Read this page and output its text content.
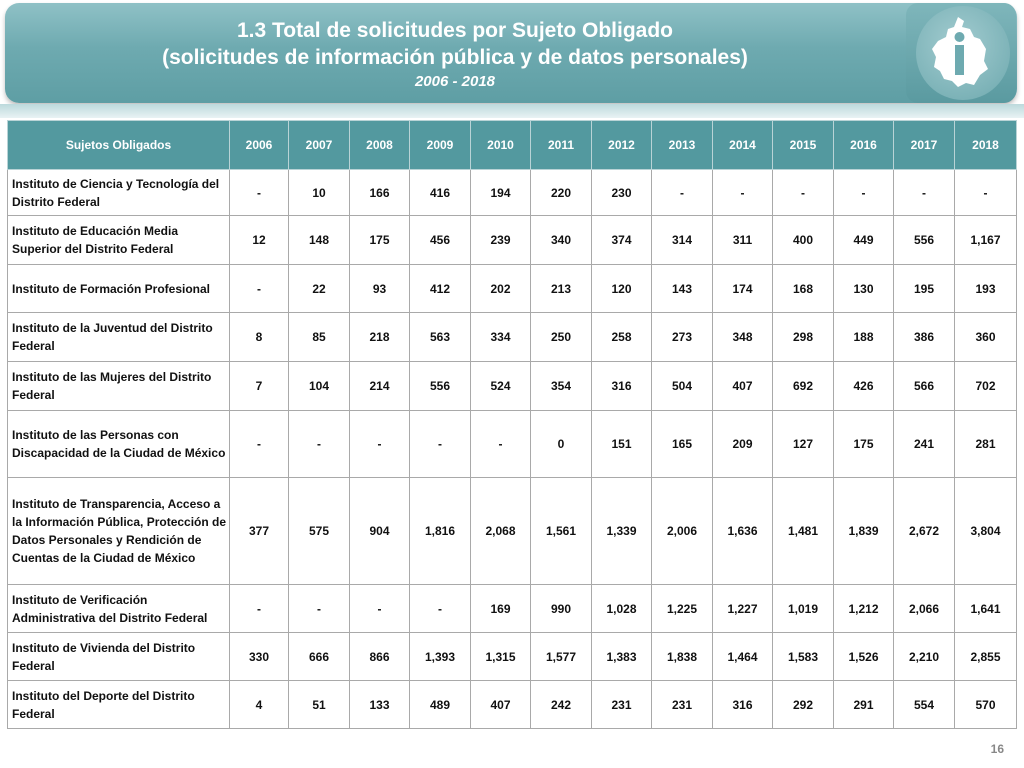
1.3 Total de solicitudes por Sujeto Obligado
(solicitudes de información pública y de datos personales)
2006 - 2018
Sujetos Obligados	2006	2007	2008	2009	2010	2011	2012	2013	2014	2015	2016	2017	2018
Instituto de Ciencia y Tecnología del Distrito Federal	-	10	166	416	194	220	230	-	-	-	-	-	-
Instituto de Educación Media Superior del Distrito Federal	12	148	175	456	239	340	374	314	311	400	449	556	1,167
Instituto de Formación Profesional	-	22	93	412	202	213	120	143	174	168	130	195	193
Instituto de la Juventud del Distrito Federal	8	85	218	563	334	250	258	273	348	298	188	386	360
Instituto de las Mujeres del Distrito Federal	7	104	214	556	524	354	316	504	407	692	426	566	702
Instituto de las Personas con Discapacidad de la Ciudad de México	-	-	-	-	-	0	151	165	209	127	175	241	281
Instituto de Transparencia, Acceso a la Información Pública, Protección de Datos Personales y Rendición de Cuentas de la Ciudad de México	377	575	904	1,816	2,068	1,561	1,339	2,006	1,636	1,481	1,839	2,672	3,804
Instituto de Verificación Administrativa del Distrito Federal	-	-	-	-	169	990	1,028	1,225	1,227	1,019	1,212	2,066	1,641
Instituto de Vivienda del Distrito Federal	330	666	866	1,393	1,315	1,577	1,383	1,838	1,464	1,583	1,526	2,210	2,855
Instituto del Deporte del Distrito Federal	4	51	133	489	407	242	231	231	316	292	291	554	570
16
